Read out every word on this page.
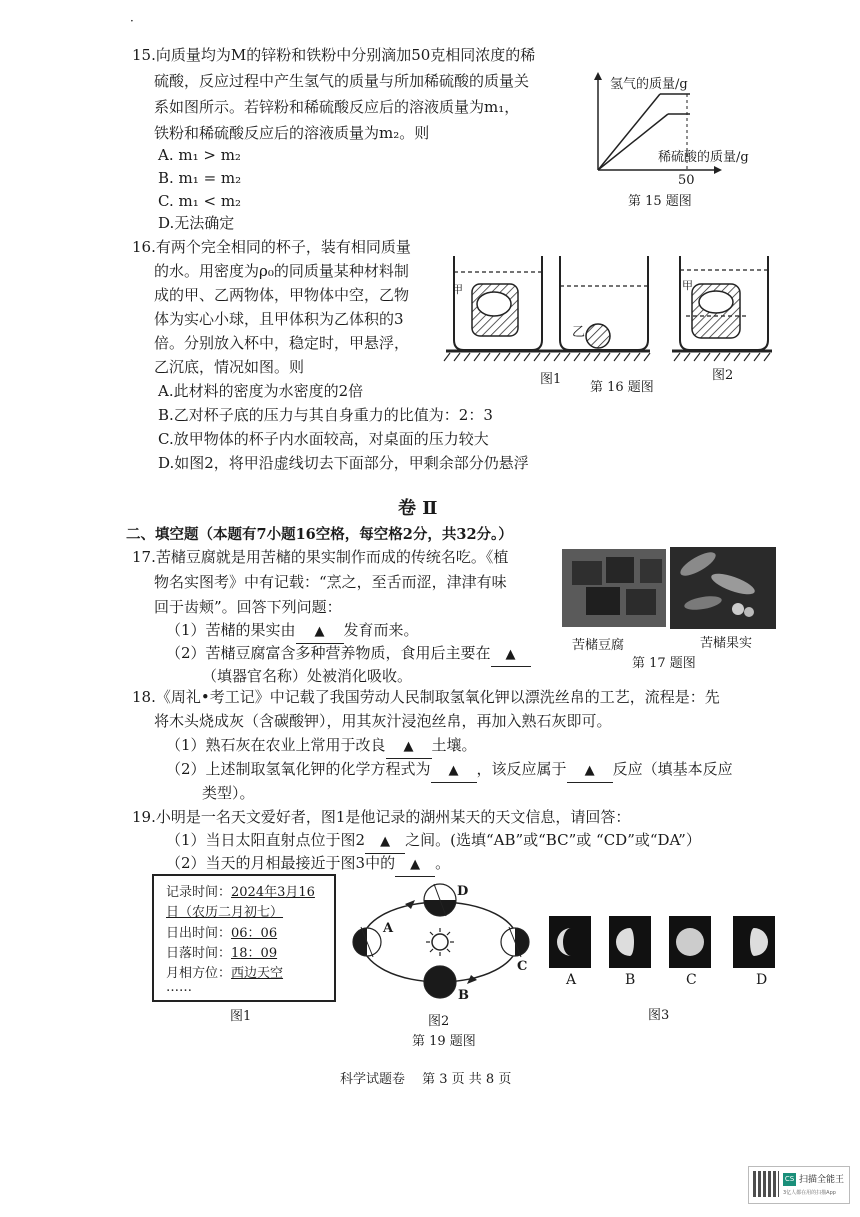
·
15.向质量均为M的锌粉和铁粉中分别滴加50克相同浓度的稀
硫酸，反应过程中产生氢气的质量与所加稀硫酸的质量关
系如图所示。若锌粉和稀硫酸反应后的溶液质量为m₁，
铁粉和稀硫酸反应后的溶液质量为m₂。则
A. m₁ > m₂
B. m₁ = m₂
C. m₁ < m₂
D.无法确定
氢气的质量/g
稀硫酸的质量/g
50
第 15 题图
16.有两个完全相同的杯子，装有相同质量
的水。用密度为ρ₀的同质量某种材料制
成的甲、乙两物体，甲物体中空，乙物
体为实心小球，且甲体积为乙体积的3
倍。分别放入杯中，稳定时，甲悬浮，
乙沉底，情况如图。则
A.此材料的密度为水密度的2倍
B.乙对杯子底的压力与其自身重力的比值为：2：3
C.放甲物体的杯子内水面较高，对桌面的压力较大
D.如图2，将甲沿虚线切去下面部分，甲剩余部分仍悬浮
甲
乙
甲
图1
第 16 题图
图2
卷 Ⅱ
二、填空题（本题有7小题16空格，每空格2分，共32分。）
17.苦槠豆腐就是用苦槠的果实制作而成的传统名吃。《植
物名实图考》中有记载：“烹之，至舌而涩，津津有味
回于齿颊”。回答下列问题：
（1）苦槠的果实由 ▲ 发育而来。
（2）苦槠豆腐富含多种营养物质，食用后主要在 ▲
（填器官名称）处被消化吸收。
苦槠豆腐	苦槠果实
第 17 题图
18.《周礼•考工记》中记载了我国劳动人民制取氢氧化钾以漂洗丝帛的工艺，流程是：先
将木头烧成灰（含碳酸钾），用其灰汁浸泡丝帛，再加入熟石灰即可。
（1）熟石灰在农业上常用于改良 ▲ 土壤。
（2）上述制取氢氧化钾的化学方程式为 ▲ ，该反应属于 ▲ 反应（填基本反应
类型）。
19.小明是一名天文爱好者，图1是他记录的湖州某天的天文信息，请回答：
（1）当日太阳直射点位于图2 ▲ 之间。(选填“AB”或“BC”或 “CD”或“DA”）
（2）当天的月相最接近于图3中的 ▲ 。
记录时间：2024年3月16
日（农历二月初七）
日出时间：06：06
日落时间：18：09
月相方位：西边天空
……
图1
A
B
C
D
图2
第 19 题图
A	B	C	D
图3
科学试题卷　 第 3 页 共 8 页
CS 扫描全能王
3亿人都在用的扫描App
